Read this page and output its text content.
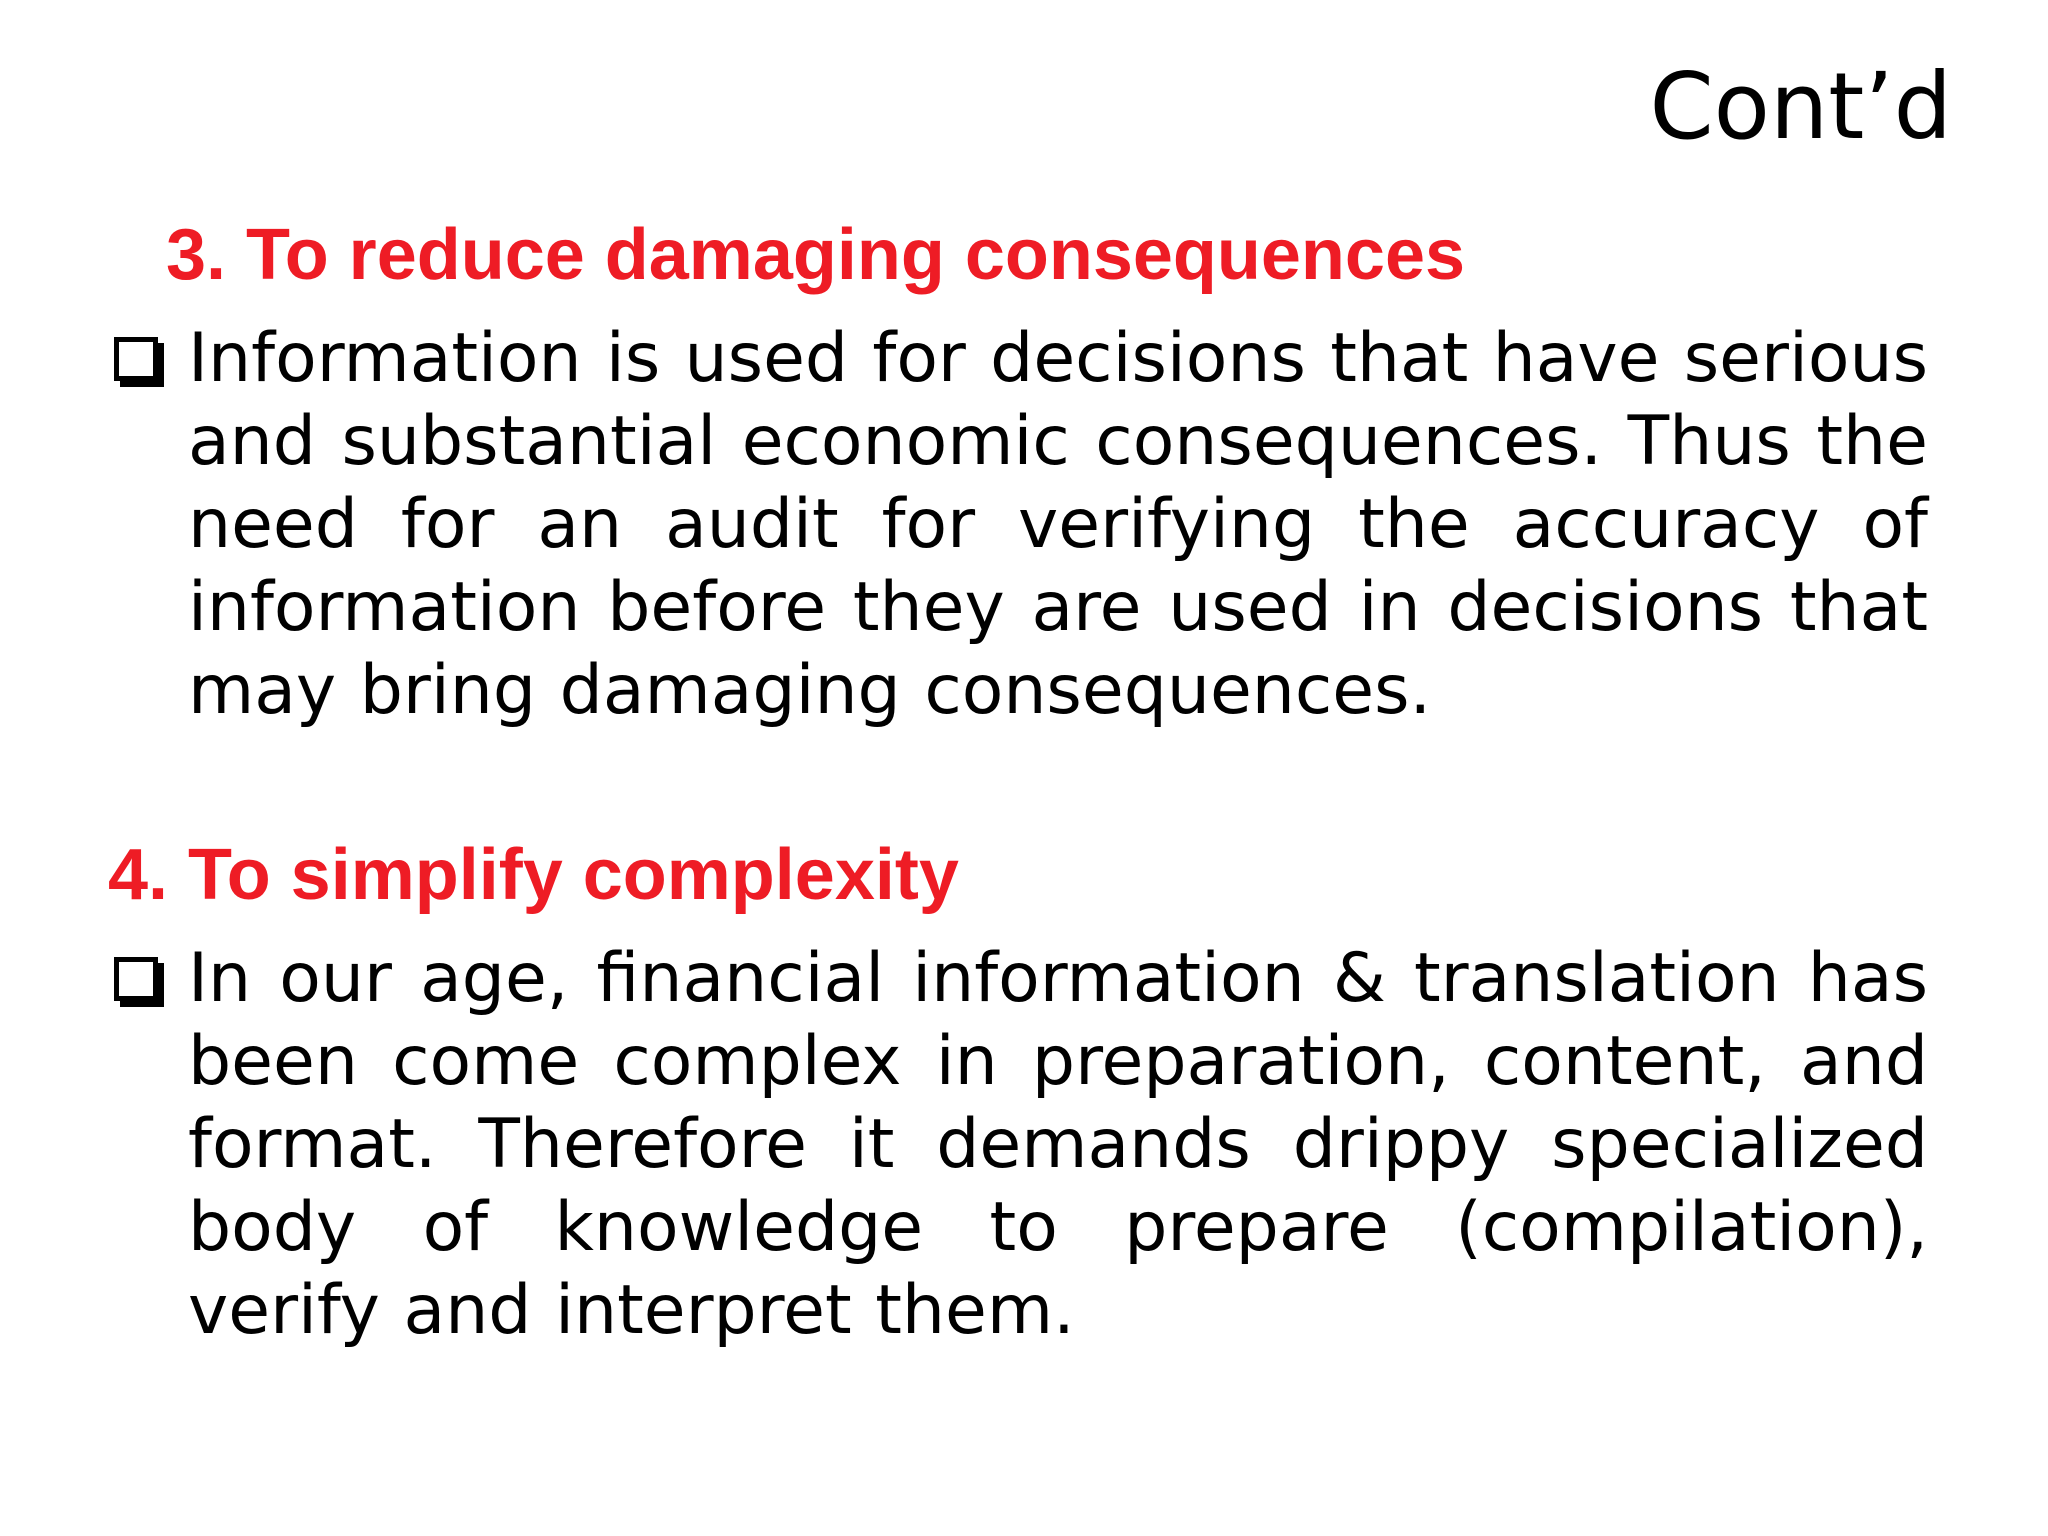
Cont’d
3. To reduce damaging consequences

Information is used for decisions that have serious and substantial economic consequences. Thus the need for an audit for verifying the accuracy of information before they are used in decisions that may bring damaging consequences.

4. To simplify complexity

In our age, financial information & translation has been come complex in preparation, content, and format. Therefore it demands drippy specialized body of knowledge to prepare (compilation), verify and interpret them.
